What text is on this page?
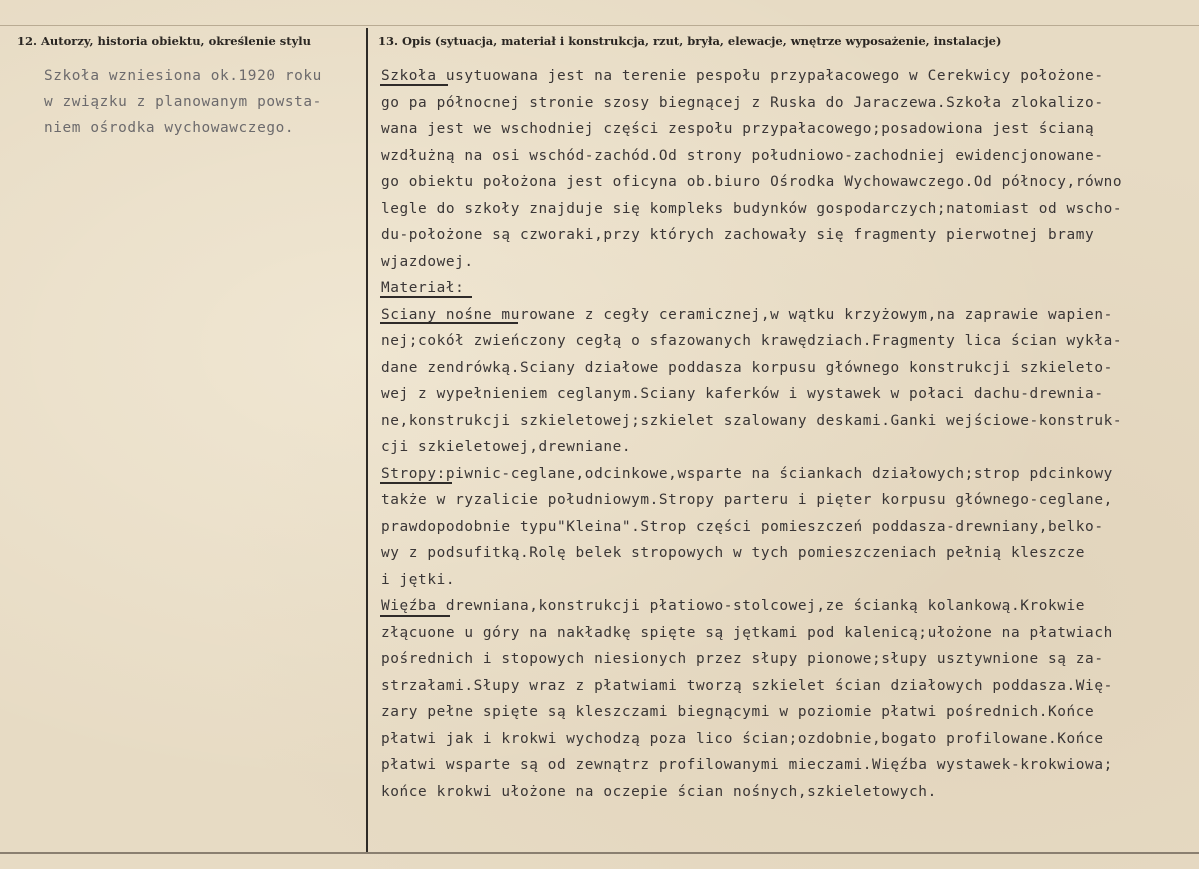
12. Autorzy, historia obiektu, określenie stylu	13. Opis (sytuacja, materiał i konstrukcja, rzut, bryła, elewacje, wnętrze wyposażenie, instalacje)
Szkoła wzniesiona ok.1920 roku
w związku z planowanym powsta-
niem ośrodka wychowawczego.
Szkoła usytuowana jest na terenie pespołu przypałacowego w Cerekwicy położone-
go pa północnej stronie szosy biegnącej z Ruska do Jaraczewa.Szkoła zlokalizo-
wana jest we wschodniej części zespołu przypałacowego;posadowiona jest ścianą
wzdłużną na osi wschód-zachód.Od strony południowo-zachodniej ewidencjonowane-
go obiektu położona jest oficyna ob.biuro Ośrodka Wychowawczego.Od północy,równo
legle do szkoły znajduje się kompleks budynków gospodarczych;natomiast od wscho-
du-położone są czworaki,przy których zachowały się fragmenty pierwotnej bramy
wjazdowej.
Materiał:
Sciany nośne murowane z cegły ceramicznej,w wątku krzyżowym,na zaprawie wapien-
nej;cokół zwieńczony cegłą o sfazowanych krawędziach.Fragmenty lica ścian wykła-
dane zendrówką.Sciany działowe poddasza korpusu głównego konstrukcji szkieleto-
wej z wypełnieniem ceglanym.Sciany kaferków i wystawek w połaci dachu-drewnia-
ne,konstrukcji szkieletowej;szkielet szalowany deskami.Ganki wejściowe-konstruk-
cji szkieletowej,drewniane.
Stropy:piwnic-ceglane,odcinkowe,wsparte na ściankach działowych;strop pdcinkowy
także w ryzalicie południowym.Stropy parteru i pięter korpusu głównego-ceglane,
prawdopodobnie typu"Kleina".Strop części pomieszczeń poddasza-drewniany,belko-
wy z podsufitką.Rolę belek stropowych w tych pomieszczeniach pełnią kleszcze
i jętki.
Więźba drewniana,konstrukcji płatiowo-stolcowej,ze ścianką kolankową.Krokwie
złącuone u góry na nakładkę spięte są jętkami pod kalenicą;ułożone na płatwiach
pośrednich i stopowych niesionych przez słupy pionowe;słupy usztywnione są za-
strzałami.Słupy wraz z płatwiami tworzą szkielet ścian działowych poddasza.Wię-
zary pełne spięte są kleszczami biegnącymi w poziomie płatwi pośrednich.Końce
płatwi jak i krokwi wychodzą poza lico ścian;ozdobnie,bogato profilowane.Końce
płatwi wsparte są od zewnątrz profilowanymi mieczami.Więźba wystawek-krokwiowa;
końce krokwi ułożone na oczepie ścian nośnych,szkieletowych.
